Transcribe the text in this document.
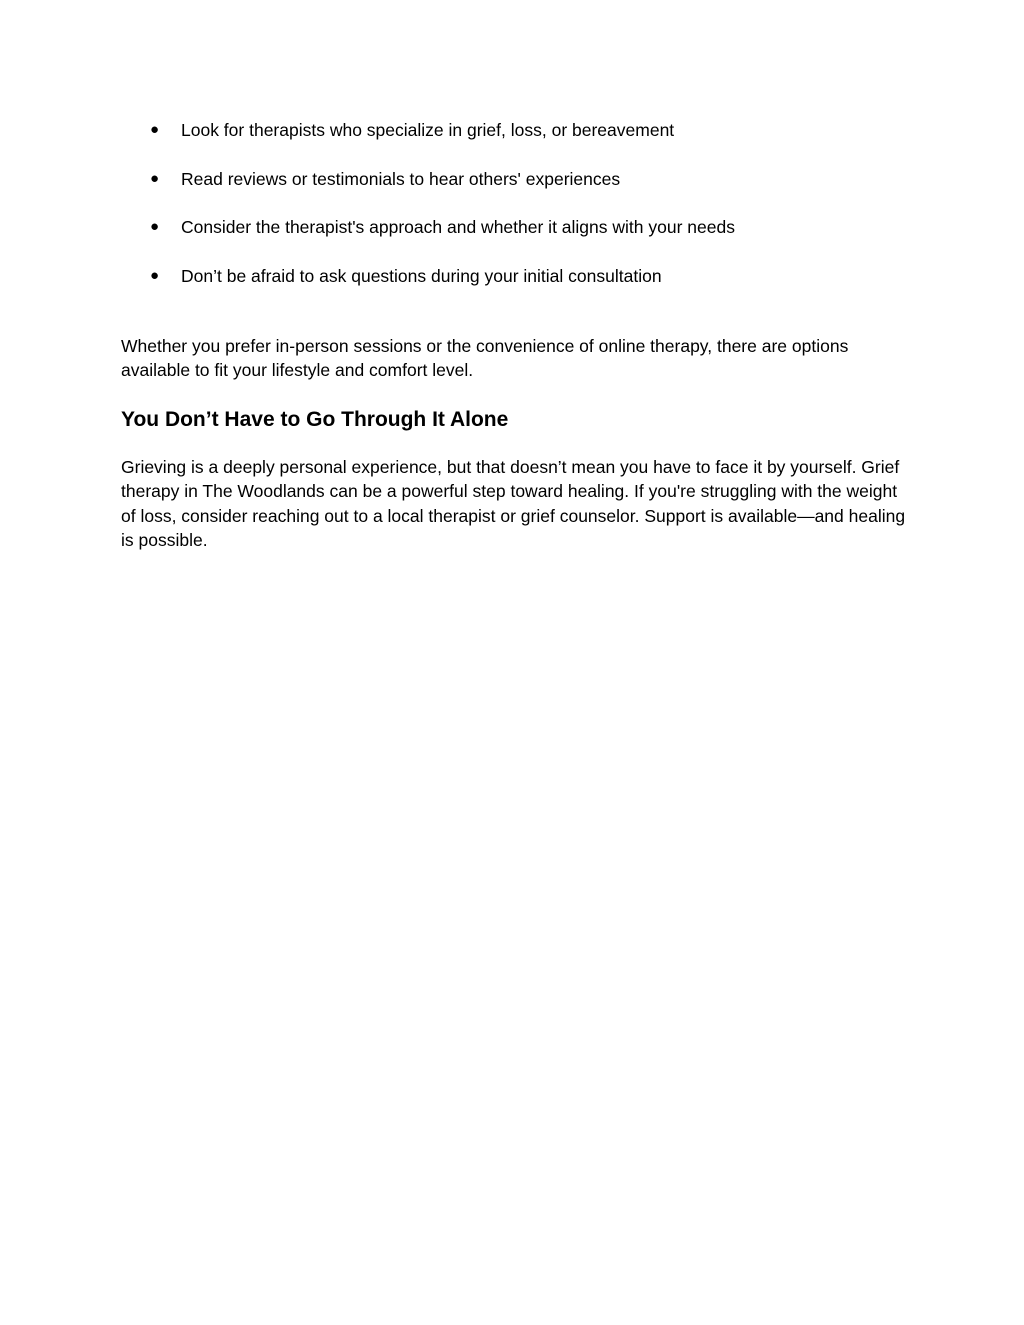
●	Look for therapists who specialize in grief, loss, or bereavement
●	Read reviews or testimonials to hear others' experiences
●	Consider the therapist's approach and whether it aligns with your needs
●	Don’t be afraid to ask questions during your initial consultation

Whether you prefer in-person sessions or the convenience of online therapy, there are options available to fit your lifestyle and comfort level.

You Don’t Have to Go Through It Alone

Grieving is a deeply personal experience, but that doesn’t mean you have to face it by yourself. Grief therapy in The Woodlands can be a powerful step toward healing. If you're struggling with the weight of loss, consider reaching out to a local therapist or grief counselor. Support is available—and healing is possible.
